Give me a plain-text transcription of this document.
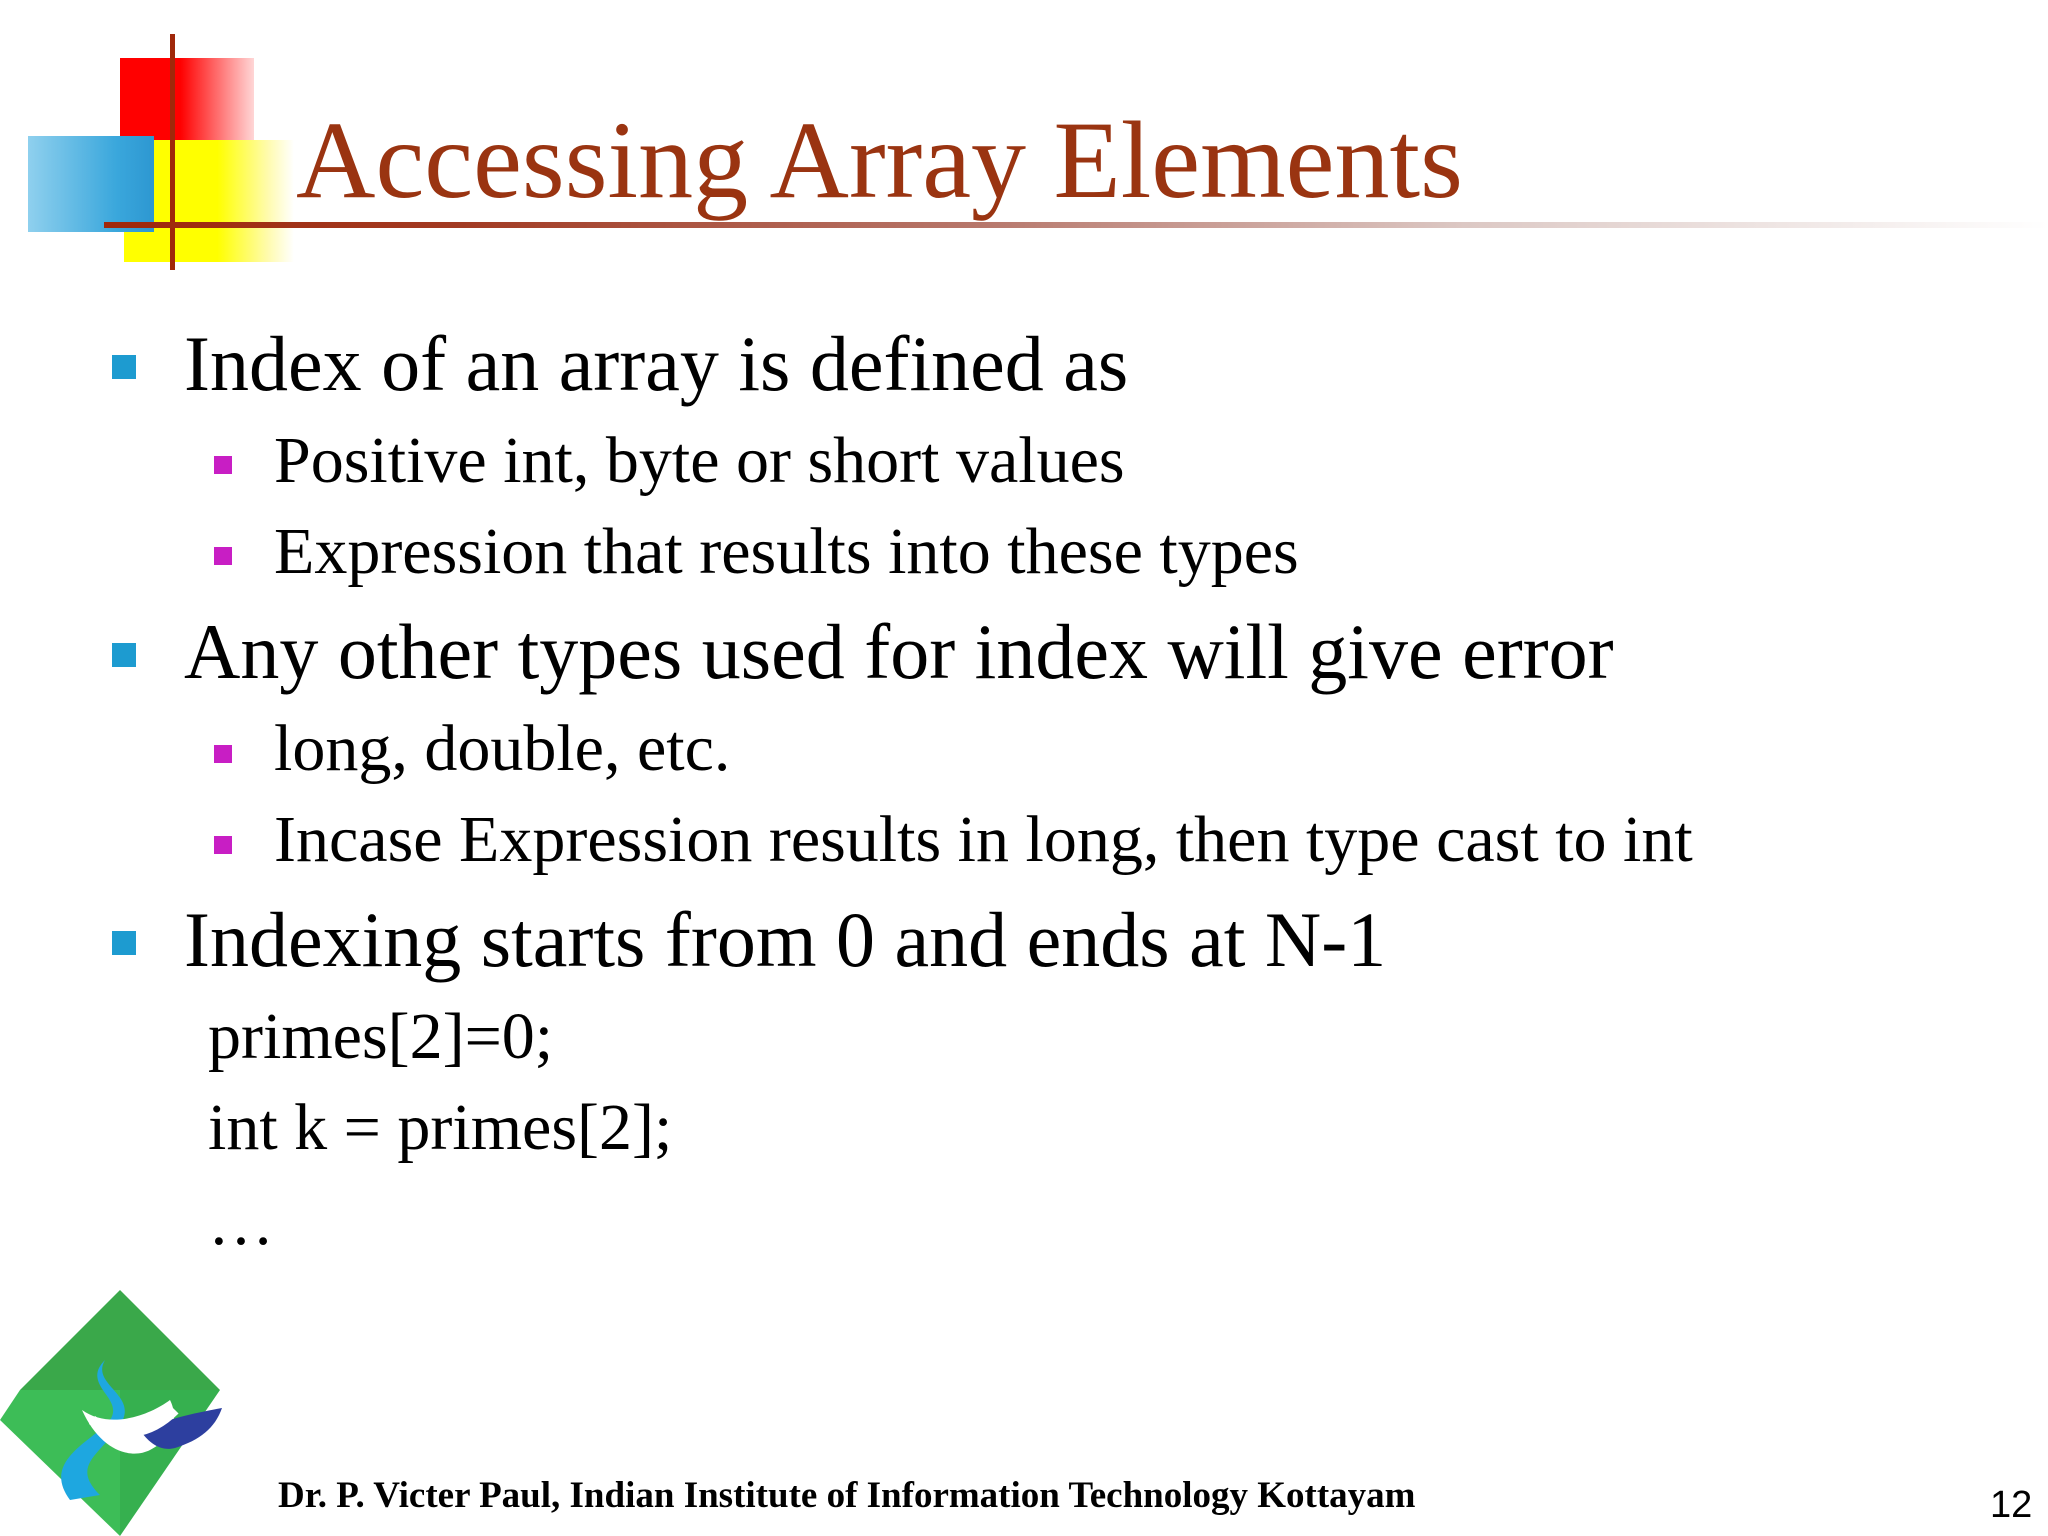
Accessing Array Elements
Index of an array is defined as
Positive int, byte or short values
Expression that results into these types
Any other types used for index will give error
long, double, etc.
Incase Expression results in long, then type cast to int
Indexing starts from 0 and ends at N-1
primes[2]=0;
int k = primes[2];
…
Dr. P. Victer Paul, Indian Institute of Information Technology Kottayam	12
